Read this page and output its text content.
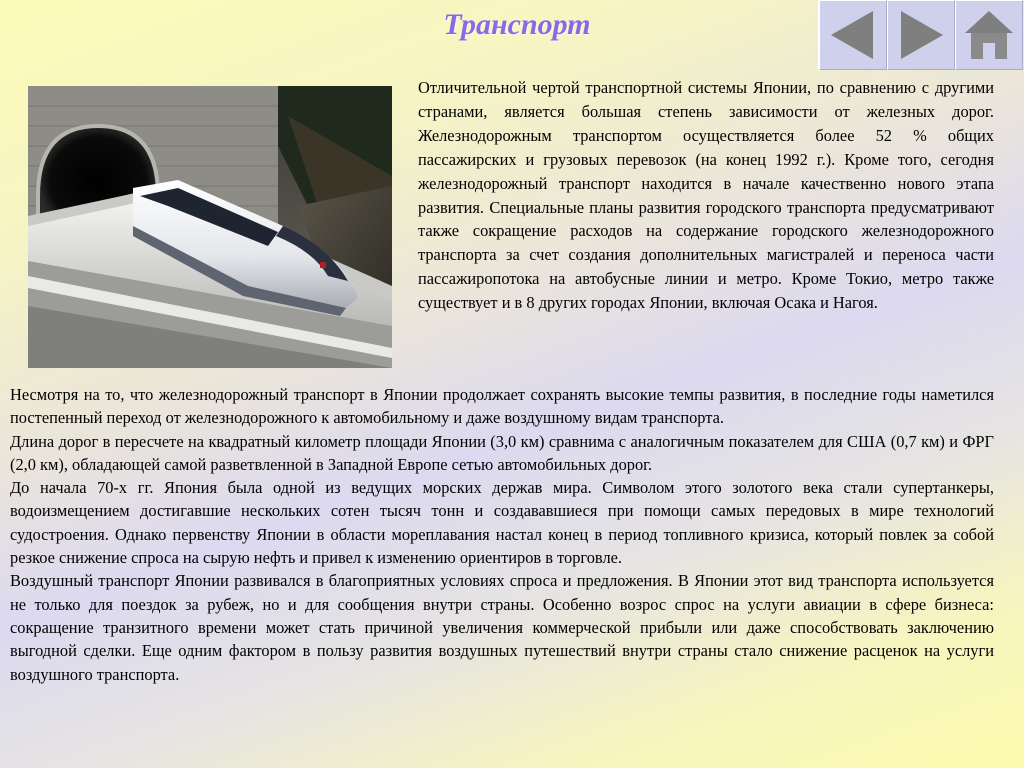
Транспорт

Отличительной чертой транспортной системы Японии, по сравнению с другими странами, является большая степень зависимости от железных дорог. Железнодорожным транспортом осуществляется более 52 % общих пассажирских и грузовых перевозок (на конец 1992 г.). Кроме того, сегодня железнодорожный транспорт находится в начале качественно нового этапа развития. Специальные планы развития городского транспорта предусматривают также сокращение расходов на содержание городского железнодорожного транспорта за счет создания дополнительных магистралей и переноса части пассажиропотока на автобусные линии и метро. Кроме Токио, метро также существует и в 8 других городах Японии, включая Осака и Нагоя.

Несмотря на то, что железнодорожный транспорт в Японии продолжает сохранять высокие темпы развития, в последние годы наметился постепенный переход от железнодорожного к автомобильному и даже воздушному видам транспорта.

Длина дорог в пересчете на квадратный километр площади Японии (3,0 км) сравнима с аналогичным показателем для США (0,7 км) и ФРГ (2,0 км), обладающей самой разветвленной в Западной Европе сетью автомобильных дорог.

До начала 70-х гг. Япония была одной из ведущих морских держав мира. Символом этого золотого века стали супертанкеры, водоизмещением достигавшие нескольких сотен тысяч тонн и создававшиеся при помощи самых передовых в мире технологий судостроения. Однако первенству Японии в области мореплавания настал конец в период топливного кризиса, который повлек за собой резкое снижение спроса на сырую нефть и привел к изменению ориентиров в торговле.

Воздушный транспорт Японии развивался в благоприятных условиях спроса и предложения. В Японии этот вид транспорта используется не только для поездок за рубеж, но и для сообщения внутри страны. Особенно возрос спрос на услуги авиации в сфере бизнеса: сокращение транзитного времени может стать причиной увеличения коммерческой прибыли или даже способствовать заключению выгодной сделки. Еще одним фактором в пользу развития воздушных путешествий внутри страны стало снижение расценок на услуги воздушного транспорта.
